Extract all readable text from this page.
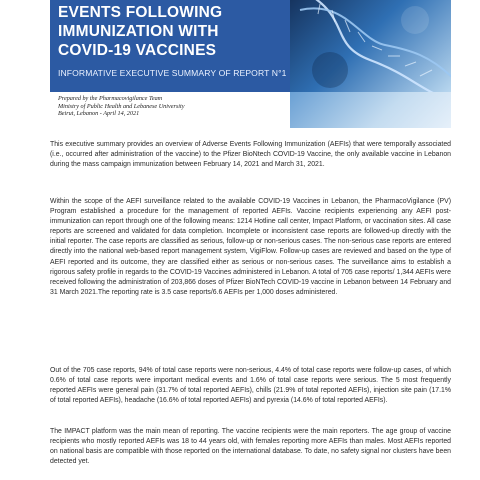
EVENTS FOLLOWING
IMMUNIZATION WITH
COVID-19 VACCINES
INFORMATIVE EXECUTIVE SUMMARY OF REPORT N°1
Prepared by the Pharmacovigilance Team
Ministry of Public Health and Lebanese University
Beirut, Lebanon - April 14, 2021

This executive summary provides an overview of Adverse Events Following Immunization (AEFIs) that were temporally associated (i.e., occurred after administration of the vaccine) to the Pfizer BioNtech COVID-19 Vaccine, the only available vaccine in Lebanon during the mass campaign immunization between February 14, 2021 and March 31, 2021.

Within the scope of the AEFI surveillance related to the available COVID-19 Vaccines in Lebanon, the PharmacoVigilance (PV) Program established a procedure for the management of reported AEFIs. Vaccine recipients experiencing any AEFI post-immunization can report through one of the following means: 1214 Hotline call center, Impact Platform, or vaccination sites. All case reports are screened and validated for data completion. Incomplete or inconsistent case reports are followed-up directly with the initial reporter. The case reports are classified as serious, follow-up or non-serious cases. The non-serious case reports are entered directly into the national web-based report management system, VigiFlow. Follow-up cases are reviewed and based on the type of AEFI reported and its outcome, they are classified either as serious or non-serious cases. The surveillance aims to establish a rigorous safety profile in regards to the COVID-19 Vaccines administered in Lebanon. A total of 705 case reports/ 1,344 AEFIs were received following the administration of 203,866 doses of Pfizer BioNTech COVID-19 vaccine in Lebanon between 14 February and 31 March 2021.The reporting rate is 3.5 case reports/6.6 AEFIs per 1,000 doses administered.

Out of the 705 case reports, 94% of total case reports were non-serious, 4.4% of total case reports were follow-up cases, of which 0.6% of total case reports were important medical events and 1.6% of total case reports were serious. The 5 most frequently reported AEFIs were general pain (31.7% of total reported AEFIs), chills (21.9% of total reported AEFIs), injection site pain (17.1% of total reported AEFIs), headache (16.6% of total reported AEFIs) and pyrexia (14.6% of total reported AEFIs).

The IMPACT platform was the main mean of reporting. The vaccine recipients were the main reporters. The age group of vaccine recipients who mostly reported AEFIs was 18 to 44 years old, with females reporting more AEFIs than males. Most AEFIs reported on national basis are compatible with those reported on the international database. To date, no safety signal nor clusters have been detected yet.
